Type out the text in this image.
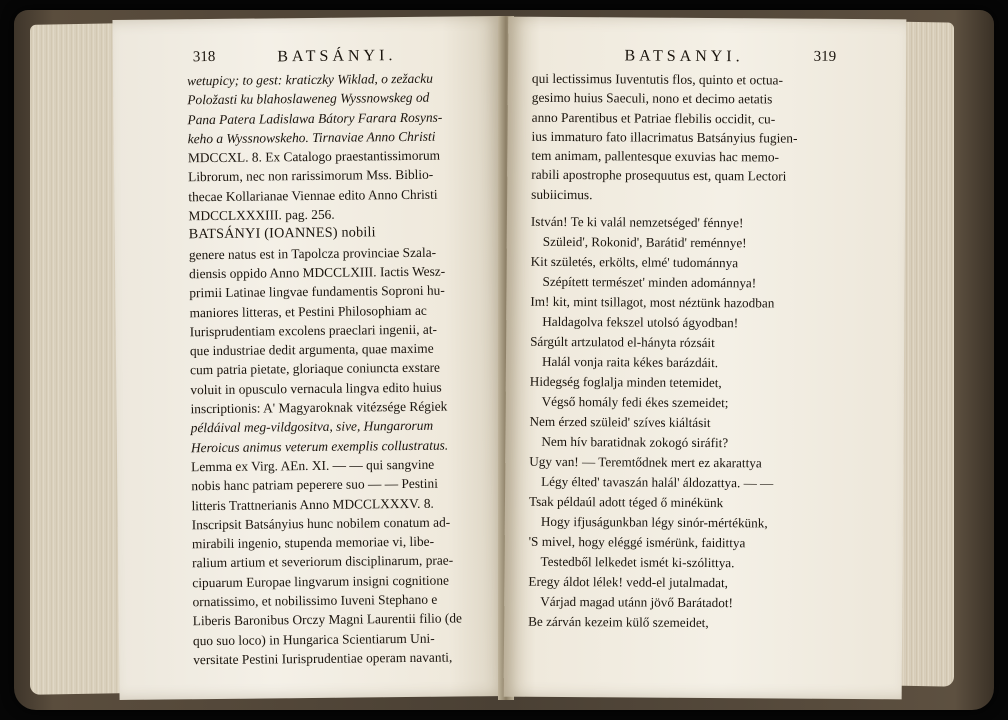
318	BATSÁNYI.
wetupicy; to gest: kraticzky Wiklad, o zežacku
Položasti ku blahoslaweneg Wyssnowskeg od
Pana Patera Ladislawa Bátory Farara Rosyns-
keho a Wyssnowskeho. Tirnaviae Anno Christi
MDCCXL. 8. Ex Catalogo praestantissimorum
Librorum, nec non rarissimorum Mss. Biblio-
thecae Kollarianae Viennae edito Anno Christi
MDCCLXXXIII. pag. 256.
BATSÁNYI (IOANNES) nobili
genere natus est in Tapolcza provinciae Szala-
diensis oppido Anno MDCCLXIII. Iactis Wesz-
primii Latinae lingvae fundamentis Soproni hu-
maniores litteras, et Pestini Philosophiam ac
Iurisprudentiam excolens praeclari ingenii, at-
que industriae dedit argumenta, quae maxime
cum patria pietate, gloriaque coniuncta exstare
voluit in opusculo vernacula lingva edito huius
inscriptionis: A' Magyaroknak vitézsége Régiek
példáival meg-vildgositva, sive, Hungarorum
Heroicus animus veterum exemplis collustratus.
Lemma ex Virg. AEn. XI. — — qui sangvine
nobis hanc patriam peperere suo — — Pestini
litteris Trattnerianis Anno MDCCLXXXV. 8.
Inscripsit Batsányius hunc nobilem conatum ad-
mirabili ingenio, stupenda memoriae vi, libe-
ralium artium et severiorum disciplinarum, prae-
cipuarum Europae lingvarum insigni cognitione
ornatissimo, et nobilissimo Iuveni Stephano e
Liberis Baronibus Orczy Magni Laurentii filio (de
quo suo loco) in Hungarica Scientiarum Uni-
versitate Pestini Iurisprudentiae operam navanti,
BATSANYI.	319
qui lectissimus Iuventutis flos, quinto et octua-
gesimo huius Saeculi, nono et decimo aetatis
anno Parentibus et Patriae flebilis occidit, cu-
ius immaturo fato illacrimatus Batsányius fugien-
tem animam, pallentesque exuvias hac memo-
rabili apostrophe prosequutus est, quam Lectori
subiicimus.
István! Te ki valál nemzetséged' fénnye!
Szüleid', Rokonid', Barátid' reménnye!
Kit születés, erkölts, elmé' tudománnya
Szépített természet' minden adománnya!
Im! kit, mint tsillagot, most néztünk hazodban
Haldagolva fekszel utolsó ágyodban!
Sárgúlt artzulatod el-hányta rózsáit
Halál vonja raita kékes barázdáit.
Hidegség foglalja minden tetemidet,
Végső homály fedi ékes szemeidet;
Nem érzed szüleid' szíves kiáltásit
Nem hív baratidnak zokogó siráfit?
Ugy van! — Teremtődnek mert ez akarattya
Légy élted' tavaszán halál' áldozattya. — —
Tsak példaúl adott téged ő minékünk
Hogy ifjuságunkban légy sinór-mértékünk,
'S mivel, hogy eléggé ismérünk, faidittya
Testedből lelkedet ismét ki-szólittya.
Eregy áldot lélek! vedd-el jutalmadat,
Várjad magad utánn jövő Barátadot!
Be zárván kezeim külő szemeidet,
